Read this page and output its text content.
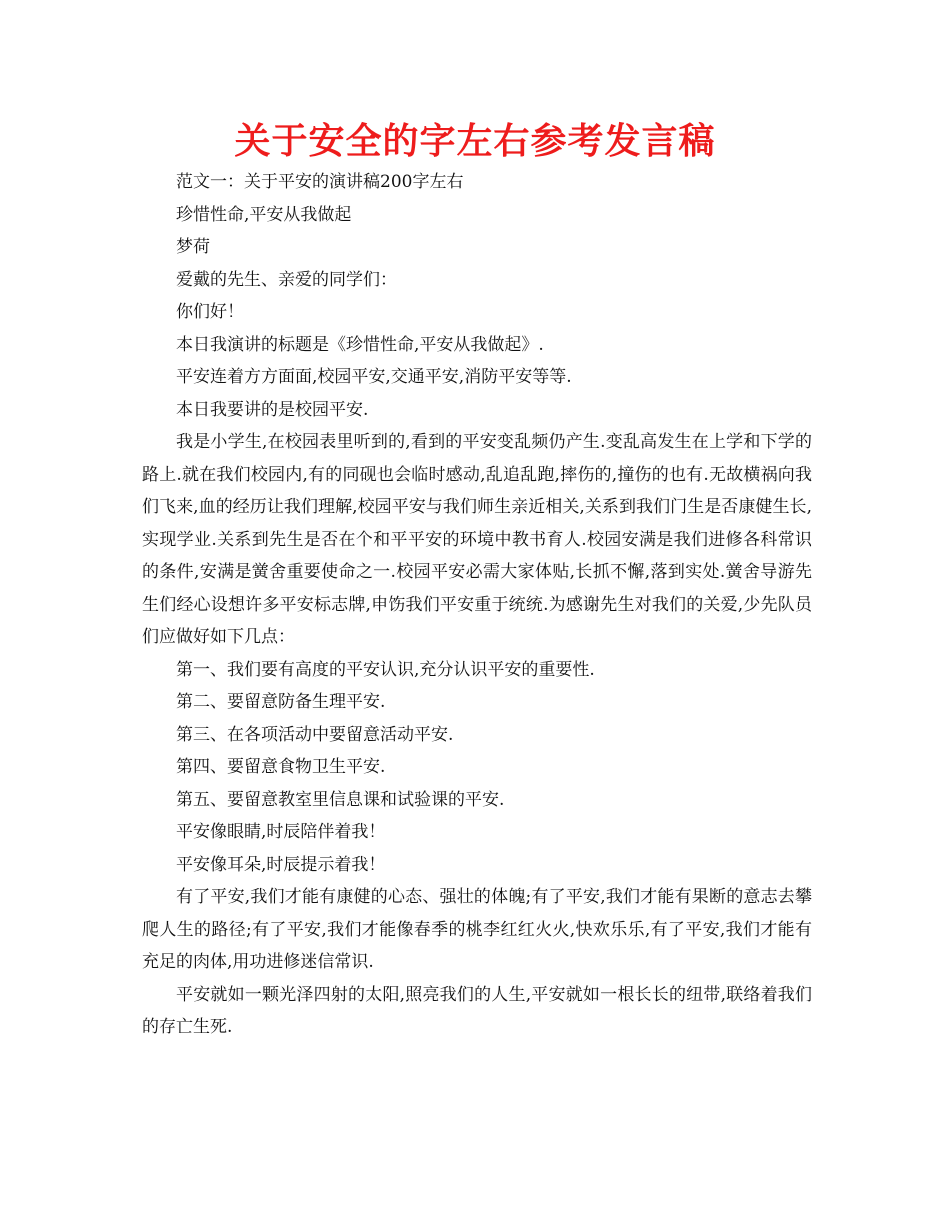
关于安全的字左右参考发言稿

范文一：关于平安的演讲稿200字左右

珍惜性命,平安从我做起

梦荷

爱戴的先生、亲爱的同学们：

你们好！

本日我演讲的标题是《珍惜性命,平安从我做起》.

平安连着方方面面,校园平安,交通平安,消防平安等等.

本日我要讲的是校园平安.

我是小学生,在校园表里听到的,看到的平安变乱频仍产生.变乱高发生在上学和下学的路上.就在我们校园内,有的同砚也会临时感动,乱追乱跑,摔伤的,撞伤的也有.无故横祸向我们飞来,血的经历让我们理解,校园平安与我们师生亲近相关,关系到我们门生是否康健生长,实现学业.关系到先生是否在个和平平安的环境中教书育人.校园安满是我们进修各科常识的条件,安满是黉舍重要使命之一.校园平安必需大家体贴,长抓不懈,落到实处.黉舍导游先生们经心设想许多平安标志牌,申饬我们平安重于统统.为感谢先生对我们的关爱,少先队员们应做好如下几点：

第一、我们要有高度的平安认识,充分认识平安的重要性.

第二、要留意防备生理平安.

第三、在各项活动中要留意活动平安.

第四、要留意食物卫生平安.

第五、要留意教室里信息课和试验课的平安.

平安像眼睛,时辰陪伴着我！

平安像耳朵,时辰提示着我！

有了平安,我们才能有康健的心态、强壮的体魄;有了平安,我们才能有果断的意志去攀爬人生的路径;有了平安,我们才能像春季的桃李红红火火,快欢乐乐,有了平安,我们才能有充足的肉体,用功进修迷信常识.

平安就如一颗光泽四射的太阳,照亮我们的人生,平安就如一根长长的纽带,联络着我们的存亡生死.
